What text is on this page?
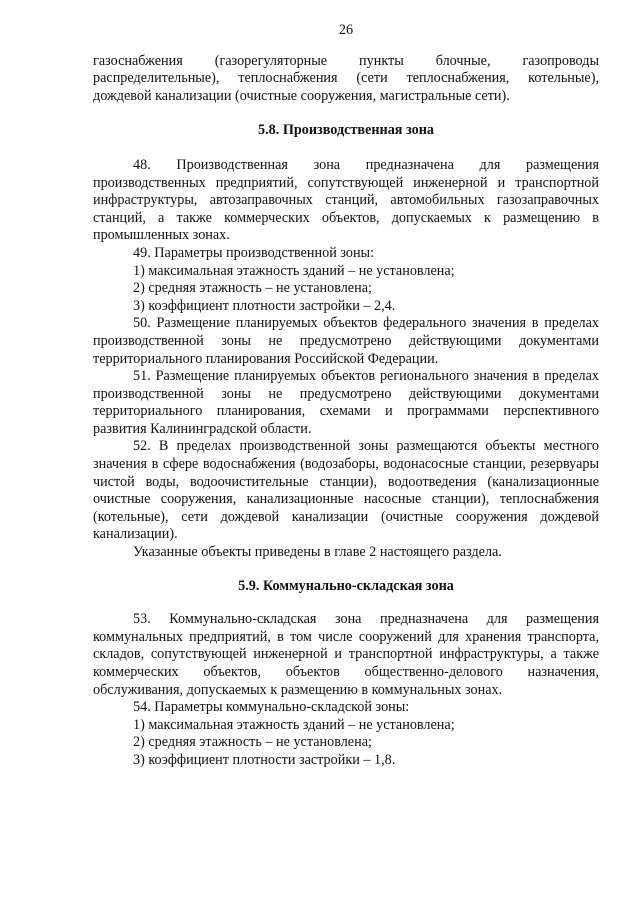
26

газоснабжения (газорегуляторные пункты блочные, газопроводы распределительные), теплоснабжения (сети теплоснабжения, котельные), дождевой канализации (очистные сооружения, магистральные сети).

5.8. Производственная зона

48. Производственная зона предназначена для размещения производственных предприятий, сопутствующей инженерной и транспортной инфраструктуры, автозаправочных станций, автомобильных газозаправочных станций, а также коммерческих объектов, допускаемых к размещению в промышленных зонах.

49. Параметры производственной зоны:

1) максимальная этажность зданий – не установлена;

2) средняя этажность – не установлена;

3) коэффициент плотности застройки – 2,4.

50. Размещение планируемых объектов федерального значения в пределах производственной зоны не предусмотрено действующими документами территориального планирования Российской Федерации.

51. Размещение планируемых объектов регионального значения в пределах производственной зоны не предусмотрено действующими документами территориального планирования, схемами и программами перспективного развития Калининградской области.

52. В пределах производственной зоны размещаются объекты местного значения в сфере водоснабжения (водозаборы, водонасосные станции, резервуары чистой воды, водоочистительные станции), водоотведения (канализационные очистные сооружения, канализационные насосные станции), теплоснабжения (котельные), сети дождевой канализации (очистные сооружения дождевой канализации).

Указанные объекты приведены в главе 2 настоящего раздела.

5.9. Коммунально-складская зона

53. Коммунально-складская зона предназначена для размещения коммунальных предприятий, в том числе сооружений для хранения транспорта, складов, сопутствующей инженерной и транспортной инфраструктуры, а также коммерческих объектов, объектов общественно-делового назначения, обслуживания, допускаемых к размещению в коммунальных зонах.

54. Параметры коммунально-складской зоны:

1) максимальная этажность зданий – не установлена;

2) средняя этажность – не установлена;

3) коэффициент плотности застройки – 1,8.
